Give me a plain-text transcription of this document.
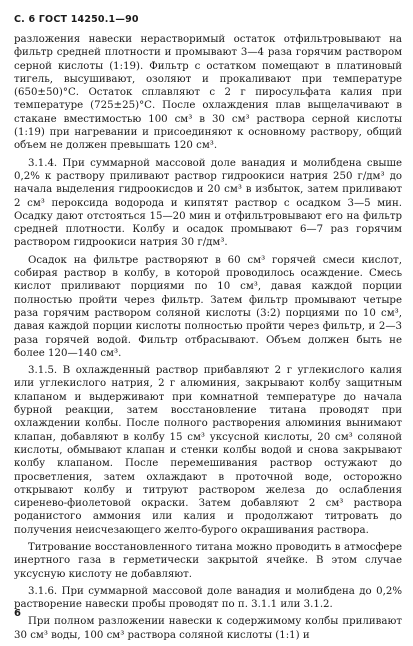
С. 6 ГОСТ 14250.1—90

разложения навески нерастворимый остаток отфильтровывают на фильтр средней плотности и промывают 3—4 раза горячим раствором серной кислоты (1:19). Фильтр с остатком помещают в платиновый тигель, высушивают, озоляют и прокаливают при температуре (650±50)°С. Остаток сплавляют с 2 г пиросульфата калия при температуре (725±25)°С. После охлаждения плав выщелачивают в стакане вместимостью 100 см³ в 30 см³ раствора серной кислоты (1:19) при нагревании и присоединяют к основному раствору, общий объем не должен превышать 120 см³.

3.1.4. При суммарной массовой доле ванадия и молибдена свыше 0,2% к раствору приливают раствор гидроокиси натрия 250 г/дм³ до начала выделения гидроокисдов и 20 см³ в избыток, затем приливают 2 см³ пероксида водорода и кипятят раствор с осадком 3—5 мин. Осадку дают отстояться 15—20 мин и отфильтровывают его на фильтр средней плотности. Колбу и осадок промывают 6—7 раз горячим раствором гидроокиси натрия 30 г/дм³.

Осадок на фильтре растворяют в 60 см³ горячей смеси кислот, собирая раствор в колбу, в которой проводилось осаждение. Смесь кислот приливают порциями по 10 см³, давая каждой порции полностью пройти через фильтр. Затем фильтр промывают четыре раза горячим раствором соляной кислоты (3:2) порциями по 10 см³, давая каждой порции кислоты полностью пройти через фильтр, и 2—3 раза горячей водой. Фильтр отбрасывают. Объем должен быть не более 120—140 см³.

3.1.5. В охлажденный раствор прибавляют 2 г углекислого калия или углекислого натрия, 2 г алюминия, закрывают колбу защитным клапаном и выдерживают при комнатной температуре до начала бурной реакции, затем восстановление титана проводят при охлаждении колбы. После полного растворения алюминия вынимают клапан, добавляют в колбу 15 см³ уксусной кислоты, 20 см³ соляной кислоты, обмывают клапан и стенки колбы водой и снова закрывают колбу клапаном. После перемешивания раствор остужают до просветления, затем охлаждают в проточной воде, осторожно открывают колбу и титруют раствором железа до ослабления сиренево-фиолетовой окраски. Затем добавляют 2 см³ раствора роданистого аммония или калия и продолжают титровать до получения неисчезающего желто-бурого окрашивания раствора.

Титрование восстановленного титана можно проводить в атмосфере инертного газа в герметически закрытой ячейке. В этом случае уксусную кислоту не добавляют.

3.1.6. При суммарной массовой доле ванадия и молибдена до 0,2% растворение навески пробы проводят по п. 3.1.1 или 3.1.2.

При полном разложении навески к содержимому колбы приливают 30 см³ воды, 100 см³ раствора соляной кислоты (1:1) и

6
